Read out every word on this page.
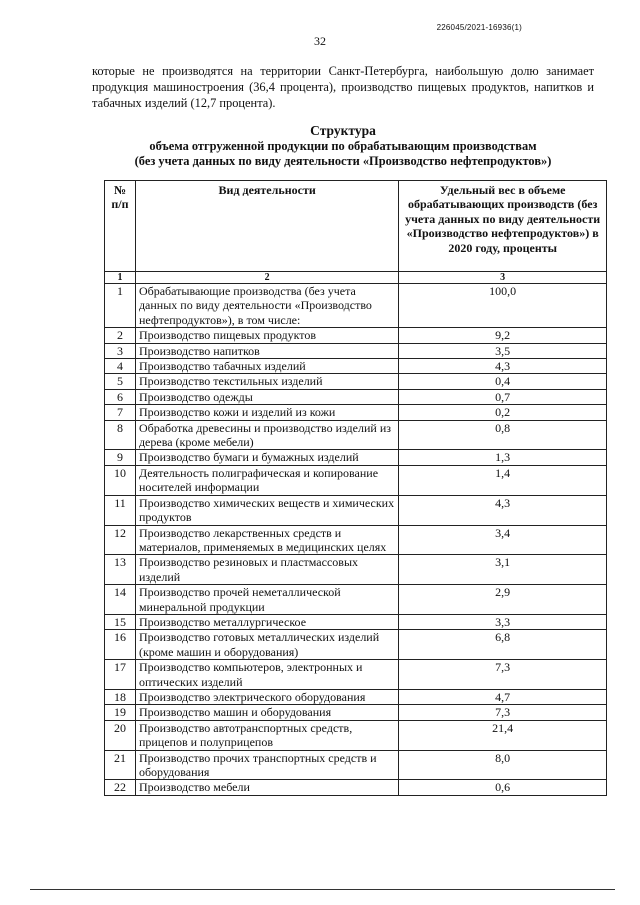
226045/2021-16936(1)
32

которые не производятся на территории Санкт-Петербурга, наибольшую долю занимает продукция машиностроения (36,4 процента), производство пищевых продуктов, напитков и табачных изделий (12,7 процента).

Структура
объема отгруженной продукции по обрабатывающим производствам
(без учета данных по виду деятельности «Производство нефтепродуктов»)
№ п/п	Вид деятельности	Удельный вес в объеме обрабатывающих производств (без учета данных по виду деятельности «Производство нефтепродуктов») в 2020 году, проценты
1	2	3
1	Обрабатывающие производства (без учета данных по виду деятельности «Производство нефтепродуктов»), в том числе:	100,0
2	Производство пищевых продуктов	9,2
3	Производство напитков	3,5
4	Производство табачных изделий	4,3
5	Производство текстильных изделий	0,4
6	Производство одежды	0,7
7	Производство кожи и изделий из кожи	0,2
8	Обработка древесины и производство изделий из дерева (кроме мебели)	0,8
9	Производство бумаги и бумажных изделий	1,3
10	Деятельность полиграфическая и копирование носителей информации	1,4
11	Производство химических веществ и химических продуктов	4,3
12	Производство лекарственных средств и материалов, применяемых в медицинских целях	3,4
13	Производство резиновых и пластмассовых изделий	3,1
14	Производство прочей неметаллической минеральной продукции	2,9
15	Производство металлургическое	3,3
16	Производство готовых металлических изделий (кроме машин и оборудования)	6,8
17	Производство компьютеров, электронных и оптических изделий	7,3
18	Производство электрического оборудования	4,7
19	Производство машин и оборудования	7,3
20	Производство автотранспортных средств, прицепов и полуприцепов	21,4
21	Производство прочих транспортных средств и оборудования	8,0
22	Производство мебели	0,6
